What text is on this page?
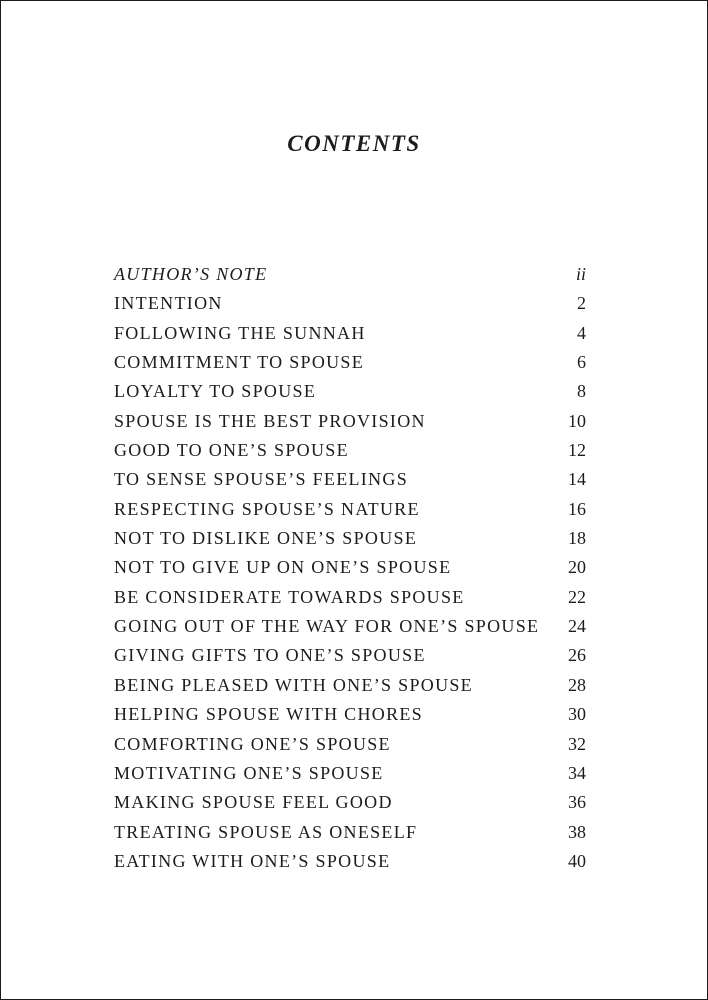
CONTENTS
AUTHOR’S NOTE	ii
INTENTION	2
FOLLOWING THE SUNNAH	4
COMMITMENT TO SPOUSE	6
LOYALTY TO SPOUSE	8
SPOUSE IS THE BEST PROVISION	10
GOOD TO ONE’S SPOUSE	12
TO SENSE SPOUSE’S FEELINGS	14
RESPECTING SPOUSE’S NATURE	16
NOT TO DISLIKE ONE’S SPOUSE	18
NOT TO GIVE UP ON ONE’S SPOUSE	20
BE CONSIDERATE TOWARDS SPOUSE	22
GOING OUT OF THE WAY FOR ONE’S SPOUSE 24
GIVING GIFTS TO ONE’S SPOUSE	26
BEING PLEASED WITH ONE’S SPOUSE	28
HELPING SPOUSE WITH CHORES	30
COMFORTING ONE’S SPOUSE	32
MOTIVATING ONE’S SPOUSE	34
MAKING SPOUSE FEEL GOOD	36
TREATING SPOUSE AS ONESELF	38
EATING WITH ONE’S SPOUSE	40
